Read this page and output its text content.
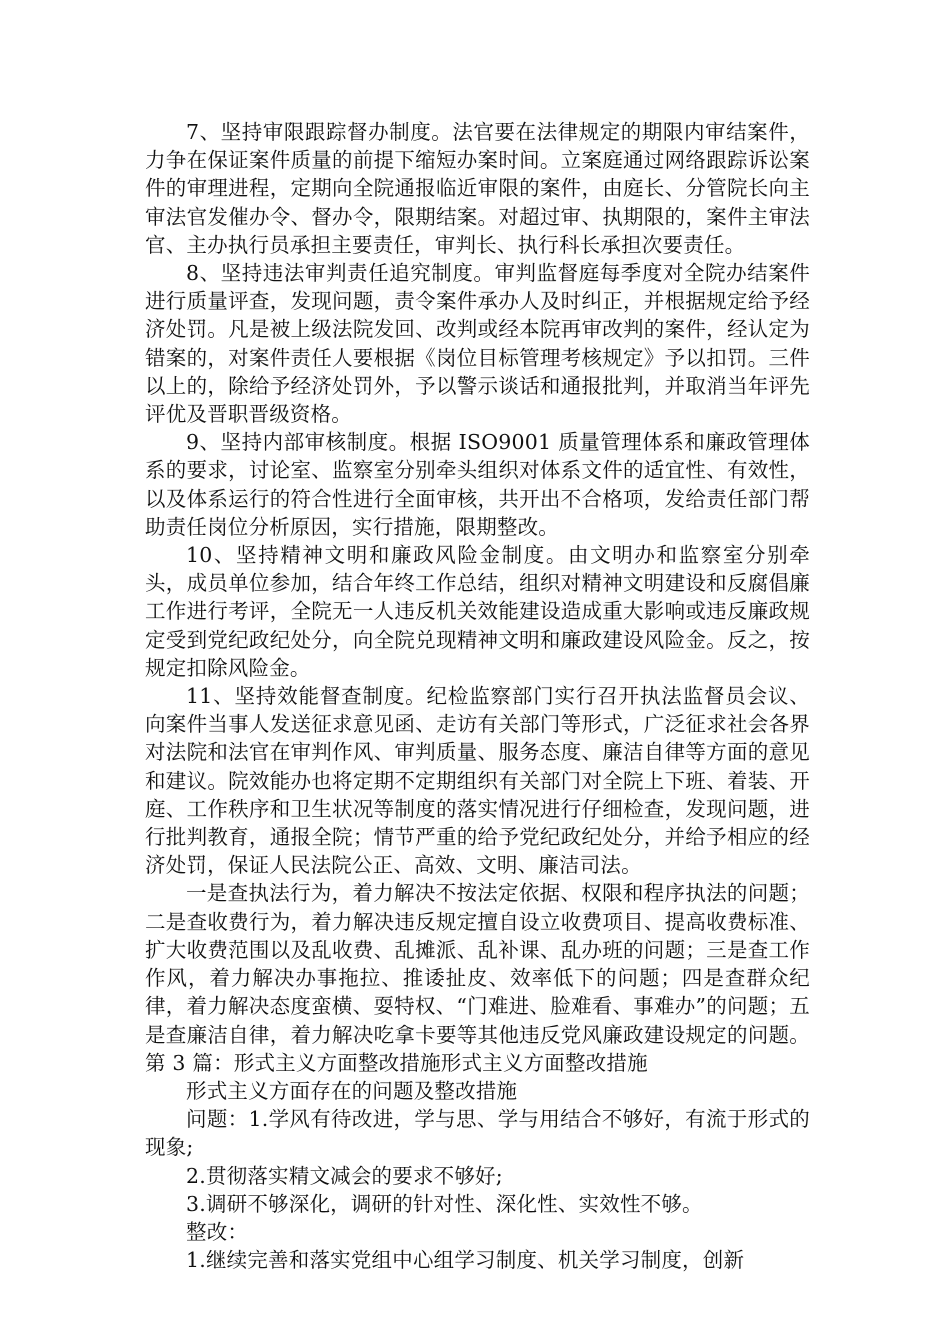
7、坚持审限跟踪督办制度。法官要在法律规定的期限内审结案件，力争在保证案件质量的前提下缩短办案时间。立案庭通过网络跟踪诉讼案件的审理进程，定期向全院通报临近审限的案件，由庭长、分管院长向主审法官发催办令、督办令，限期结案。对超过审、执期限的，案件主审法官、主办执行员承担主要责任，审判长、执行科长承担次要责任。

8、坚持违法审判责任追究制度。审判监督庭每季度对全院办结案件进行质量评查，发现问题，责令案件承办人及时纠正，并根据规定给予经济处罚。凡是被上级法院发回、改判或经本院再审改判的案件，经认定为错案的，对案件责任人要根据《岗位目标管理考核规定》予以扣罚。三件以上的，除给予经济处罚外，予以警示谈话和通报批判，并取消当年评先评优及晋职晋级资格。

9、坚持内部审核制度。根据 ISO9001 质量管理体系和廉政管理体系的要求，讨论室、监察室分别牵头组织对体系文件的适宜性、有效性，以及体系运行的符合性进行全面审核，共开出不合格项，发给责任部门帮助责任岗位分析原因，实行措施，限期整改。

10、坚持精神文明和廉政风险金制度。由文明办和监察室分别牵头，成员单位参加，结合年终工作总结，组织对精神文明建设和反腐倡廉工作进行考评，全院无一人违反机关效能建设造成重大影响或违反廉政规定受到党纪政纪处分，向全院兑现精神文明和廉政建设风险金。反之，按规定扣除风险金。

11、坚持效能督查制度。纪检监察部门实行召开执法监督员会议、向案件当事人发送征求意见函、走访有关部门等形式，广泛征求社会各界对法院和法官在审判作风、审判质量、服务态度、廉洁自律等方面的意见和建议。院效能办也将定期不定期组织有关部门对全院上下班、着装、开庭、工作秩序和卫生状况等制度的落实情况进行仔细检查，发现问题，进行批判教育，通报全院；情节严重的给予党纪政纪处分，并给予相应的经济处罚，保证人民法院公正、高效、文明、廉洁司法。

一是查执法行为，着力解决不按法定依据、权限和程序执法的问题；二是查收费行为，着力解决违反规定擅自设立收费项目、提高收费标准、扩大收费范围以及乱收费、乱摊派、乱补课、乱办班的问题；三是查工作作风，着力解决办事拖拉、推诿扯皮、效率低下的问题；四是查群众纪律，着力解决态度蛮横、耍特权、“门难进、脸难看、事难办”的问题；五是查廉洁自律，着力解决吃拿卡要等其他违反党风廉政建设规定的问题。第 3 篇：形式主义方面整改措施形式主义方面整改措施

形式主义方面存在的问题及整改措施

问题：1.学风有待改进，学与思、学与用结合不够好，有流于形式的现象;

2.贯彻落实精文减会的要求不够好;

3.调研不够深化，调研的针对性、深化性、实效性不够。

整改：

1.继续完善和落实党组中心组学习制度、机关学习制度，创新
